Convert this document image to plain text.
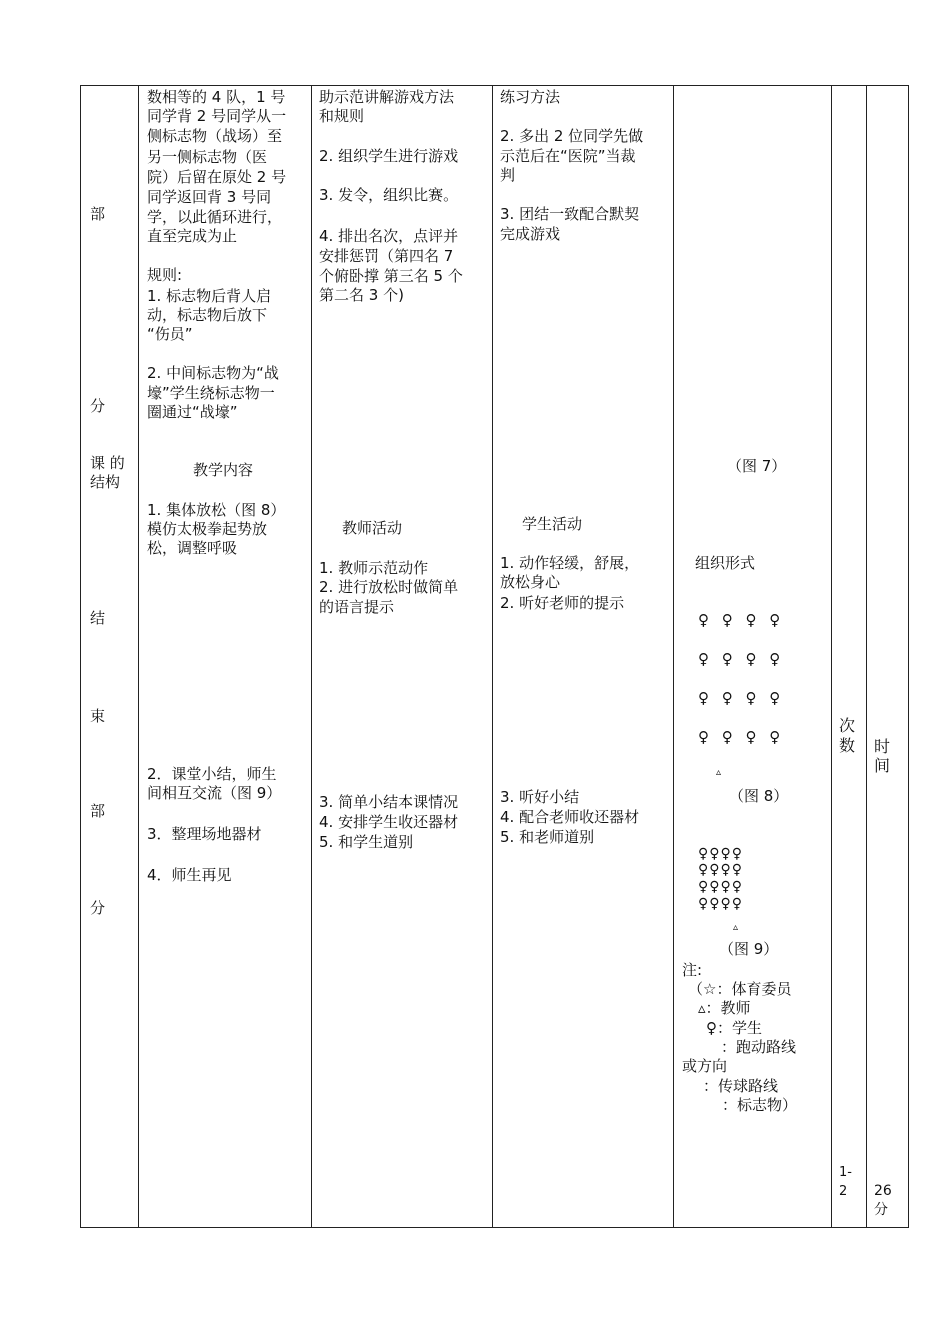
部
分
课 的
结构
结
束
部
分
数相等的 4 队，1 号
同学背 2 号同学从一
侧标志物（战场）至
另一侧标志物（医
院）后留在原处 2 号
同学返回背 3 号同
学，以此循环进行，
直至完成为止
规则:
1. 标志物后背人启
动，标志物后放下
“伤员”
2. 中间标志物为“战
壕”学生绕标志物一
圈通过“战壕”
教学内容
1. 集体放松（图 8）
模仿太极拳起势放
松，调整呼吸
2．课堂小结，师生
间相互交流（图 9）
3．整理场地器材
4．师生再见
助示范讲解游戏方法
和规则
2. 组织学生进行游戏
3. 发令，组织比赛。
4. 排出名次，点评并
安排惩罚（第四名 7
个俯卧撑 第三名 5 个
第二名 3 个)
教师活动
1. 教师示范动作
2. 进行放松时做简单
的语言提示
3. 简单小结本课情况
4. 安排学生收还器材
5. 和学生道别
练习方法
2. 多出 2 位同学先做
示范后在“医院”当裁
判
3. 团结一致配合默契
完成游戏
学生活动
1. 动作轻缓，舒展，
放松身心
2. 听好老师的提示
3. 听好小结
4. 配合老师收还器材
5. 和老师道别
（图 7）
组织形式
♀ ♀ ♀ ♀
♀ ♀ ♀ ♀
♀ ♀ ♀ ♀
♀ ♀ ♀ ♀
▵
（图 8）
♀♀♀♀
♀♀♀♀
♀♀♀♀
♀♀♀♀
▵
（图 9）
注:
（☆：体育委员
▵：教师
♀：学生
：跑动路线
或方向
：传球路线
：标志物）
次
数
1-
2
时
间
26
分
